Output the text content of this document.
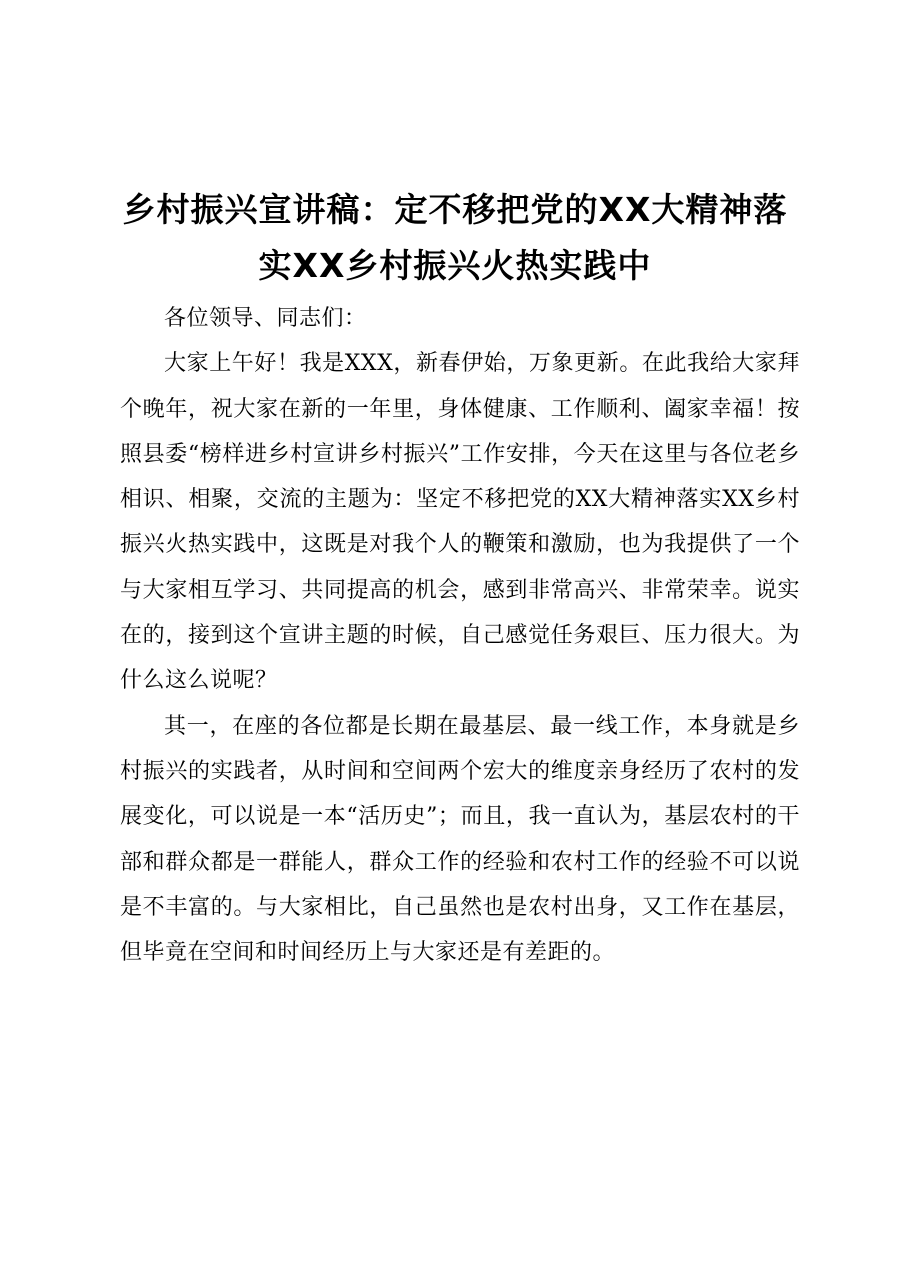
乡村振兴宣讲稿：定不移把党的XX大精神落
实XX乡村振兴火热实践中

各位领导、同志们：

大家上午好！我是XXX，新春伊始，万象更新。在此我给大家拜个晚年，祝大家在新的一年里，身体健康、工作顺利、阖家幸福！按照县委“榜样进乡村宣讲乡村振兴”工作安排，今天在这里与各位老乡相识、相聚，交流的主题为：坚定不移把党的XX大精神落实XX乡村振兴火热实践中，这既是对我个人的鞭策和激励，也为我提供了一个与大家相互学习、共同提高的机会，感到非常高兴、非常荣幸。说实在的，接到这个宣讲主题的时候，自己感觉任务艰巨、压力很大。为什么这么说呢？

其一，在座的各位都是长期在最基层、最一线工作，本身就是乡村振兴的实践者，从时间和空间两个宏大的维度亲身经历了农村的发展变化，可以说是一本“活历史”；而且，我一直认为，基层农村的干部和群众都是一群能人，群众工作的经验和农村工作的经验不可以说是不丰富的。与大家相比，自己虽然也是农村出身，又工作在基层，但毕竟在空间和时间经历上与大家还是有差距的。
